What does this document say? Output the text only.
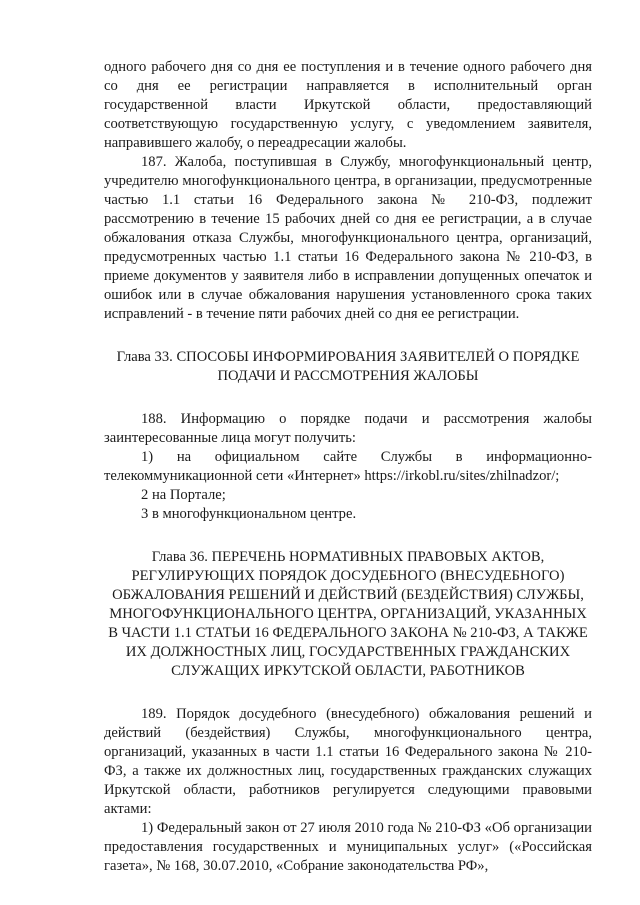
одного рабочего дня со дня ее поступления и в течение одного рабочего дня со дня ее регистрации направляется в исполнительный орган государственной власти Иркутской области, предоставляющий соответствующую государственную услугу, с уведомлением заявителя, направившего жалобу, о переадресации жалобы.

187. Жалоба, поступившая в Службу, многофункциональный центр, учредителю многофункционального центра, в организации, предусмотренные частью 1.1 статьи 16 Федерального закона № 210-ФЗ, подлежит рассмотрению в течение 15 рабочих дней со дня ее регистрации, а в случае обжалования отказа Службы, многофункционального центра, организаций, предусмотренных частью 1.1 статьи 16 Федерального закона № 210-ФЗ, в приеме документов у заявителя либо в исправлении допущенных опечаток и ошибок или в случае обжалования нарушения установленного срока таких исправлений - в течение пяти рабочих дней со дня ее регистрации.

Глава 33. СПОСОБЫ ИНФОРМИРОВАНИЯ ЗАЯВИТЕЛЕЙ О ПОРЯДКЕ ПОДАЧИ И РАССМОТРЕНИЯ ЖАЛОБЫ

188. Информацию о порядке подачи и рассмотрения жалобы заинтересованные лица могут получить:

1) на официальном сайте Службы в информационно-телекоммуникационной сети «Интернет» https://irkobl.ru/sites/zhilnadzor/;

2 на Портале;

3 в многофункциональном центре.

Глава 36. ПЕРЕЧЕНЬ НОРМАТИВНЫХ ПРАВОВЫХ АКТОВ, РЕГУЛИРУЮЩИХ ПОРЯДОК ДОСУДЕБНОГО (ВНЕСУДЕБНОГО) ОБЖАЛОВАНИЯ РЕШЕНИЙ И ДЕЙСТВИЙ (БЕЗДЕЙСТВИЯ) СЛУЖБЫ, МНОГОФУНКЦИОНАЛЬНОГО ЦЕНТРА, ОРГАНИЗАЦИЙ, УКАЗАННЫХ В ЧАСТИ 1.1 СТАТЬИ 16 ФЕДЕРАЛЬНОГО ЗАКОНА № 210-ФЗ, А ТАКЖЕ ИХ ДОЛЖНОСТНЫХ ЛИЦ, ГОСУДАРСТВЕННЫХ ГРАЖДАНСКИХ СЛУЖАЩИХ ИРКУТСКОЙ ОБЛАСТИ, РАБОТНИКОВ

189. Порядок досудебного (внесудебного) обжалования решений и действий (бездействия) Службы, многофункционального центра, организаций, указанных в части 1.1 статьи 16 Федерального закона № 210-ФЗ, а также их должностных лиц, государственных гражданских служащих Иркутской области, работников регулируется следующими правовыми актами:

1) Федеральный закон от 27 июля 2010 года № 210-ФЗ «Об организации предоставления государственных и муниципальных услуг» («Российская газета», № 168, 30.07.2010, «Собрание законодательства РФ»,
